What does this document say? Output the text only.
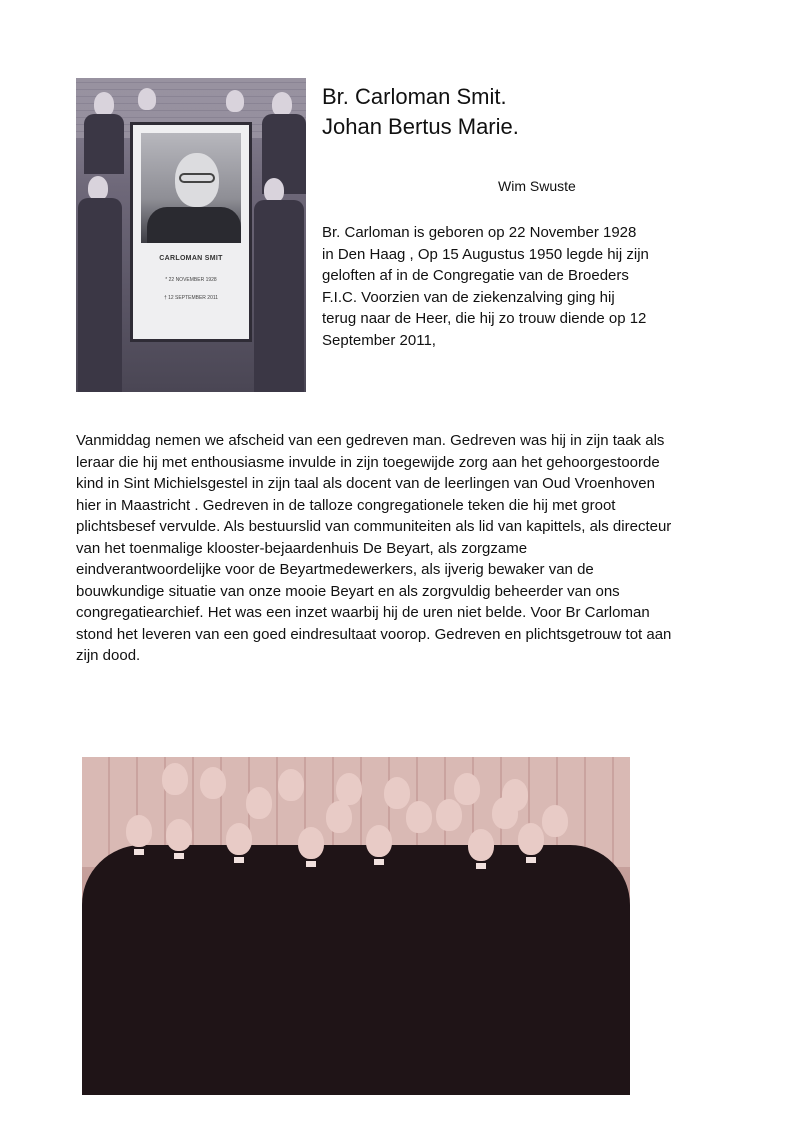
CARLOMAN SMIT
* 22 NOVEMBER 1928
† 12 SEPTEMBER 2011
Br. Carloman Smit.
Johan Bertus Marie.
Wim Swuste
Br. Carloman is geboren op 22 November 1928 in Den Haag , Op 15 Augustus 1950 legde hij zijn geloften af in de Congregatie van de Broeders F.I.C. Voorzien van de ziekenzalving ging hij terug naar de Heer, die hij zo trouw diende op 12 September 2011,
Vanmiddag nemen we afscheid van een gedreven man. Gedreven was hij in zijn taak als leraar die hij met enthousiasme invulde in zijn toegewijde zorg aan het gehoorgestoorde kind in Sint Michielsgestel in zijn taal als docent van de leerlingen van Oud Vroenhoven hier in Maastricht . Gedreven in de talloze congregationele teken die hij met groot plichtsbesef vervulde. Als bestuurslid van communiteiten als lid van kapittels, als directeur van het toenmalige klooster-bejaardenhuis De Beyart, als zorgzame eindverantwoordelijke voor de Beyartmedewerkers, als ijverig bewaker van de bouwkundige situatie van onze mooie Beyart en als zorgvuldig beheerder van ons congregatiearchief. Het was een inzet waarbij hij de uren niet belde. Voor Br Carloman stond het leveren van een goed eindresultaat voorop. Gedreven en plichtsgetrouw tot aan zijn dood.
